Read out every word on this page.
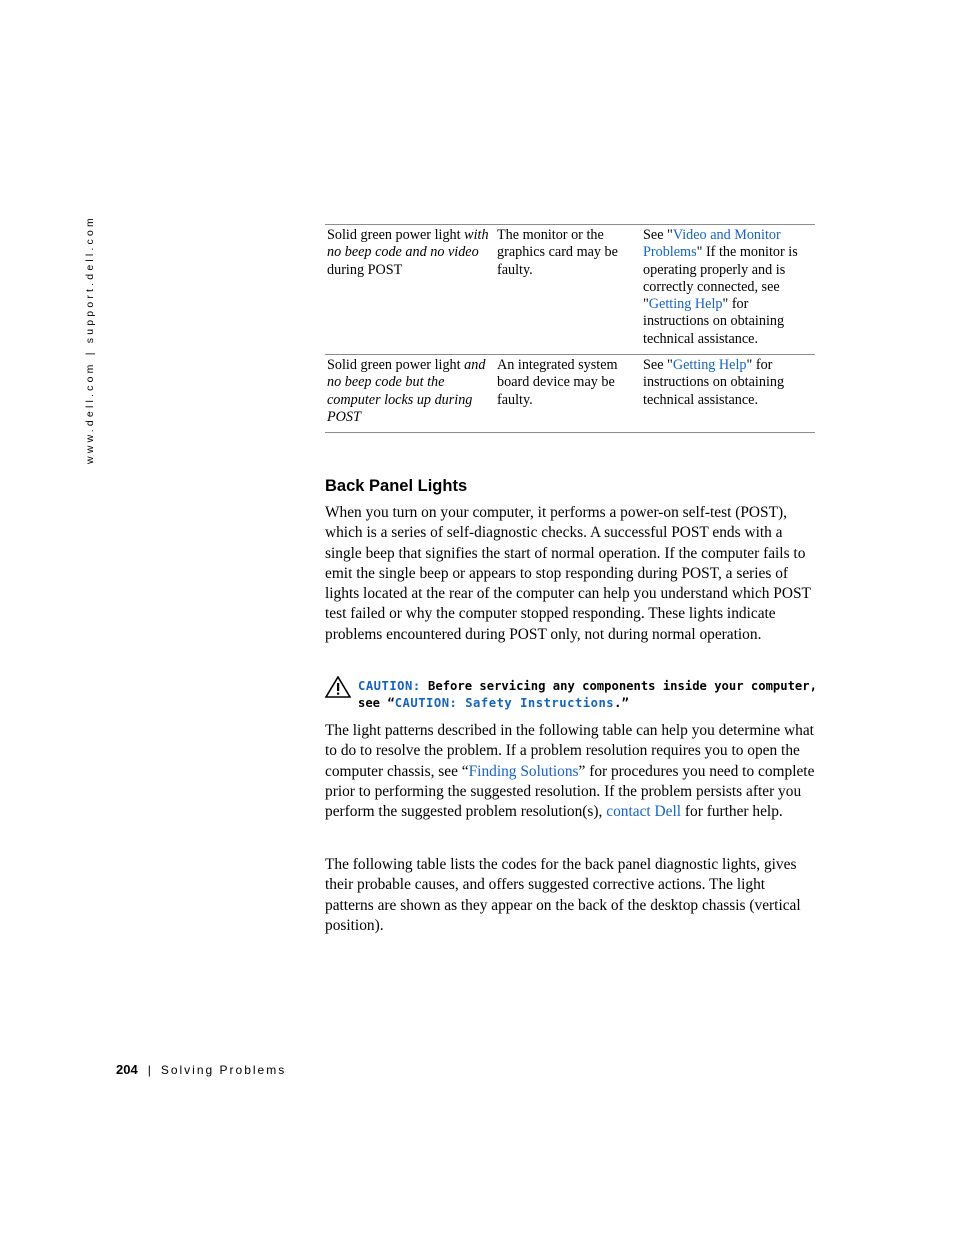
www.dell.com | support.dell.com	Solid green power light with no beep code and no video during POST	The monitor or the graphics card may be faulty.	See "Video and Monitor Problems" If the monitor is operating properly and is correctly connected, see "Getting Help" for instructions on obtaining technical assistance.
Solid green power light and no beep code but the computer locks up during POST	An integrated system board device may be faulty.	See "Getting Help" for instructions on obtaining technical assistance.
Back Panel Lights

When you turn on your computer, it performs a power-on self-test (POST), which is a series of self-diagnostic checks. A successful POST ends with a single beep that signifies the start of normal operation. If the computer fails to emit the single beep or appears to stop responding during POST, a series of lights located at the rear of the computer can help you understand which POST test failed or why the computer stopped responding. These lights indicate problems encountered during POST only, not during normal operation.

CAUTION: Before servicing any components inside your computer, see “CAUTION: Safety Instructions.”

The light patterns described in the following table can help you determine what to do to resolve the problem. If a problem resolution requires you to open the computer chassis, see “Finding Solutions” for procedures you need to complete prior to performing the suggested resolution. If the problem persists after you perform the suggested problem resolution(s), contact Dell for further help.

The following table lists the codes for the back panel diagnostic lights, gives their probable causes, and offers suggested corrective actions. The light patterns are shown as they appear on the back of the desktop chassis (vertical position).

204 | Solving Problems
